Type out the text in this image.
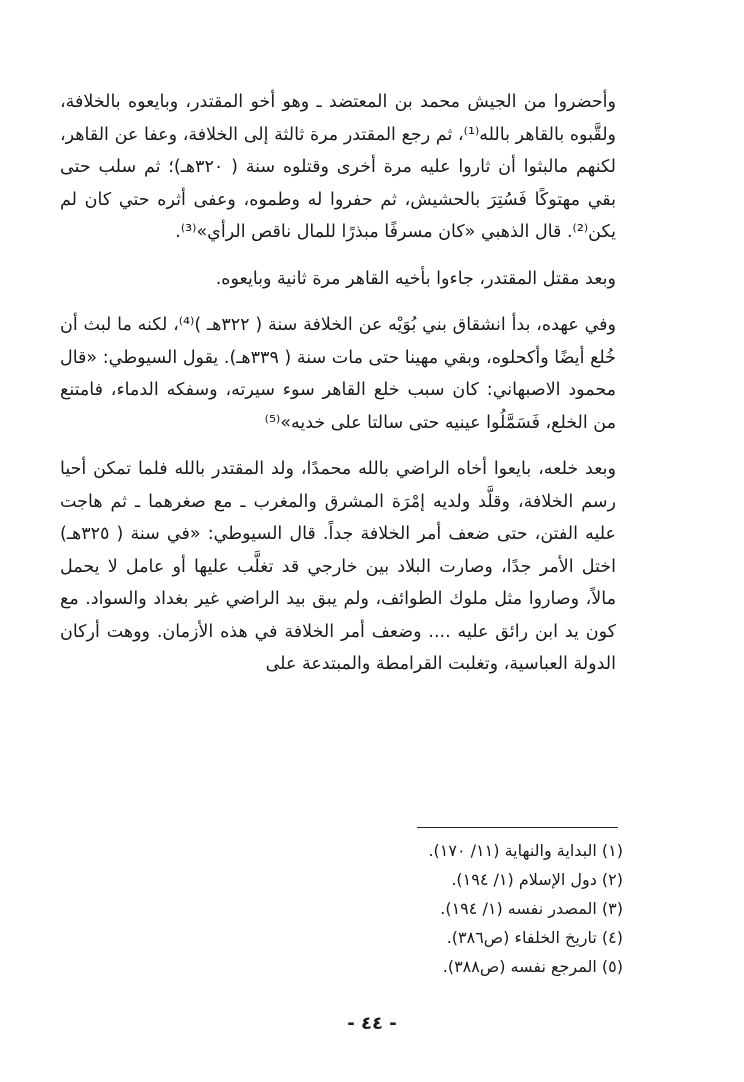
وأحضروا من الجيش محمد بن المعتضد ـ وهو أخو المقتدر، وبايعوه بالخلافة، ولقَّبوه بالقاهر بالله⁽¹⁾، ثم رجع المقتدر مرة ثالثة إلى الخلافة، وعفا عن القاهر، لكنهم مالبثوا أن ثاروا عليه مرة أخرى وقتلوه سنة ( ٣٢٠هـ)؛ ثم سلب حتى بقي مهتوكًا فَسُتِرَ بالحشيش، ثم حفروا له وطموه، وعفى أثره حتي كان لم يكن⁽²⁾. قال الذهبي «كان مسرفًا مبذرًا للمال ناقص الرأي»⁽³⁾.

وبعد مقتل المقتدر، جاءوا بأخيه القاهر مرة ثانية وبايعوه.

وفي عهده، بدأ انشقاق بني بُوَيْه عن الخلافة سنة ( ٣٢٢هـ )⁽⁴⁾، لكنه ما لبث أن خُلع أيضًا وأكحلوه، وبقي مهينا حتى مات سنة ( ٣٣٩هـ). يقول السيوطي: «قال محمود الاصبهاني: كان سبب خلع القاهر سوء سيرته، وسفكه الدماء، فامتنع من الخلع، فَسَمَّلُوا عينيه حتى سالتا على خديه»⁽⁵⁾

وبعد خلعه، بايعوا أخاه الراضي بالله محمدًا، ولد المقتدر بالله فلما تمكن أحيا رسم الخلافة، وقلَّد ولديه إمْرَة المشرق والمغرب ـ مع صغرهما ـ ثم هاجت عليه الفتن، حتى ضعف أمر الخلافة جداً. قال السيوطي: «في سنة ( ٣٢٥هـ) اختل الأمر جدًا، وصارت البلاد بين خارجي قد تغلَّب عليها أو عامل لا يحمل مالاً، وصاروا مثل ملوك الطوائف، ولم يبق بيد الراضي غير بغداد والسواد. مع كون يد ابن رائق عليه .... وضعف أمر الخلافة في هذه الأزمان. ووهت أركان الدولة العباسية، وتغلبت القرامطة والمبتدعة على

(١) البداية والنهاية (١١/ ١٧٠).

(٢) دول الإسلام (١/ ١٩٤).

(٣) المصدر نفسه (١/ ١٩٤).

(٤) تاريخ الخلفاء (ص٣٨٦).

(٥) المرجع نفسه (ص٣٨٨).

- ٤٤ -
